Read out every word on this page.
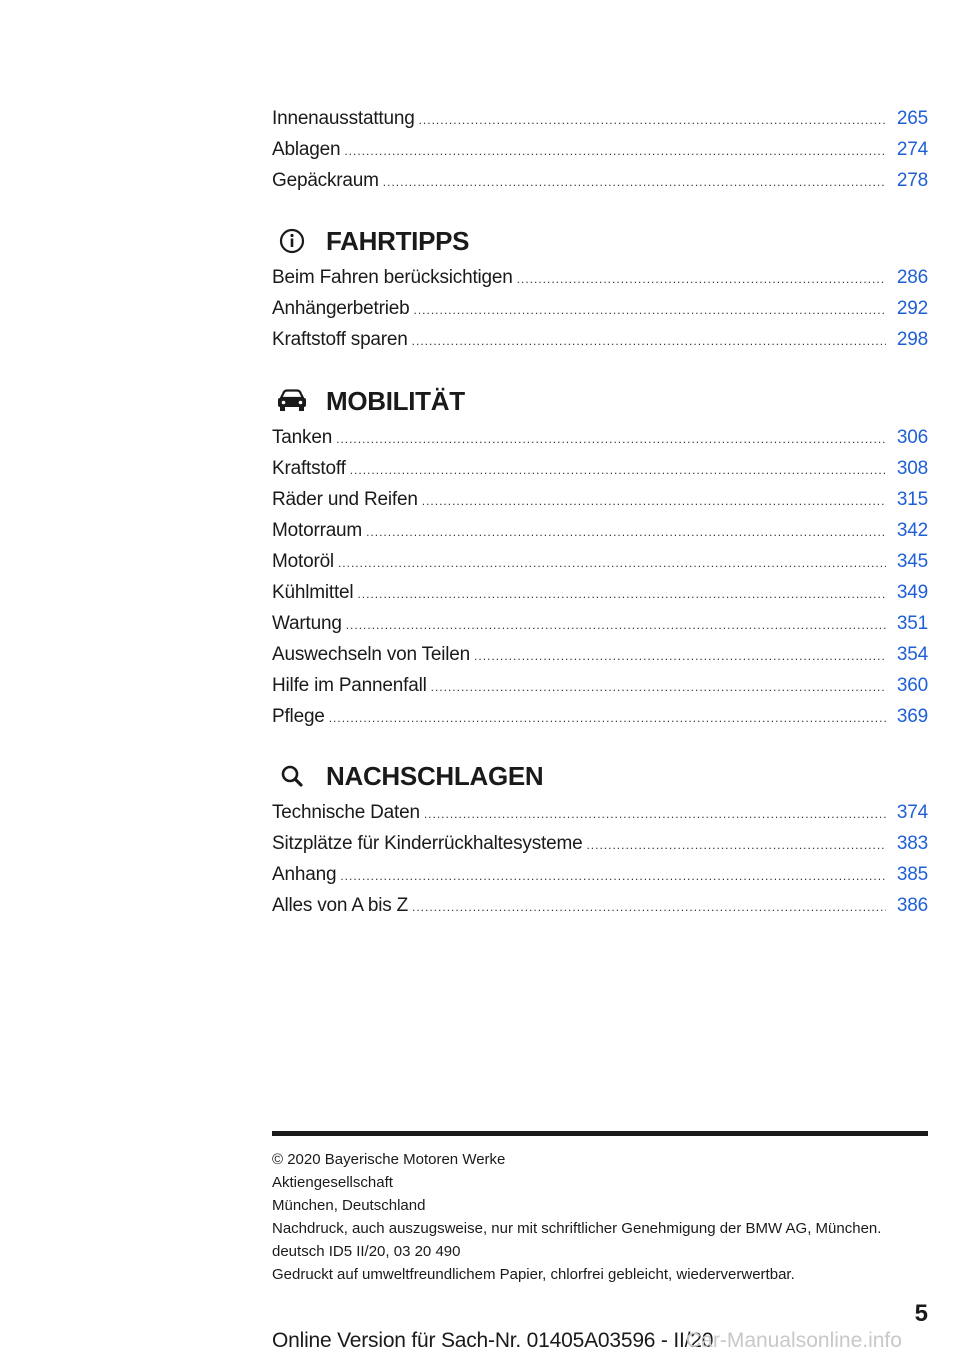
Innenausstattung .....	265
Ablagen .....	274
Gepäckraum .....	278
FAHRTIPPS
Beim Fahren berücksichtigen .....	286
Anhängerbetrieb .....	292
Kraftstoff sparen .....	298
MOBILITÄT
Tanken .....	306
Kraftstoff .....	308
Räder und Reifen .....	315
Motorraum .....	342
Motoröl .....	345
Kühlmittel .....	349
Wartung .....	351
Auswechseln von Teilen .....	354
Hilfe im Pannenfall .....	360
Pflege .....	369
NACHSCHLAGEN
Technische Daten .....	374
Sitzplätze für Kinderrückhaltesysteme .....	383
Anhang .....	385
Alles von A bis Z .....	386
© 2020 Bayerische Motoren Werke
Aktiengesellschaft
München, Deutschland
Nachdruck, auch auszugsweise, nur mit schriftlicher Genehmigung der BMW AG, München.
deutsch ID5 II/20, 03 20 490
Gedruckt auf umweltfreundlichem Papier, chlorfrei gebleicht, wiederverwertbar.
5
Online Version für Sach-Nr. 01405A03596 - II/20
Car-Manualsonline.info
